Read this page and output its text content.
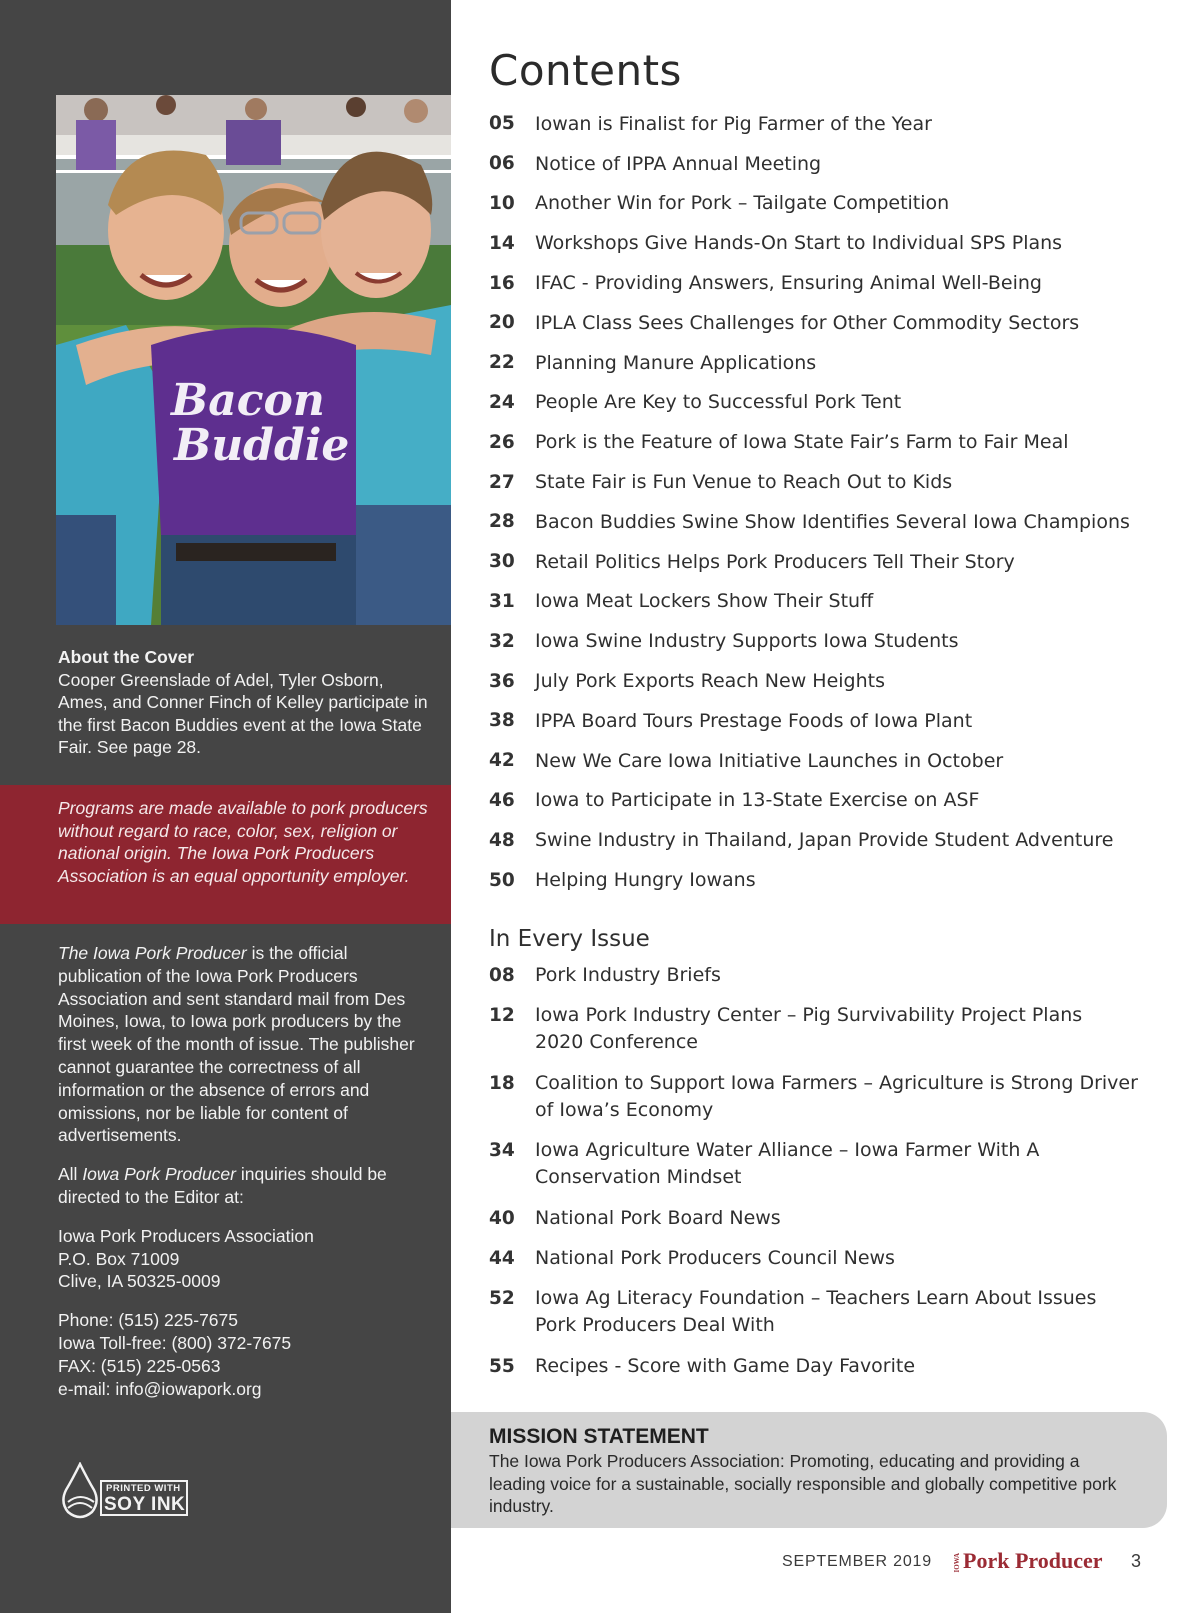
Bacon
Buddie
About the Cover
Cooper Greenslade of Adel, Tyler Osborn, Ames, and Conner Finch of Kelley participate in the first Bacon Buddies event at the Iowa State Fair. See page 28.

Programs are made available to pork producers without regard to race, color, sex, religion or national origin. The Iowa Pork Producers Association is an equal opportunity employer.

The Iowa Pork Producer is the official publication of the Iowa Pork Producers Association and sent standard mail from Des Moines, Iowa, to Iowa pork producers by the first week of the month of issue. The publisher cannot guarantee the correctness of all information or the absence of errors and omissions, nor be liable for content of advertisements.

All Iowa Pork Producer inquiries should be directed to the Editor at:

Iowa Pork Producers Association
P.O. Box 71009
Clive, IA 50325-0009

Phone: (515) 225-7675
Iowa Toll-free: (800) 372-7675
FAX: (515) 225-0563
e-mail: info@iowapork.org

PRINTED WITH
SOY INK
Contents
05	Iowan is Finalist for Pig Farmer of the Year
06	Notice of IPPA Annual Meeting
10	Another Win for Pork – Tailgate Competition
14	Workshops Give Hands-On Start to Individual SPS Plans
16	IFAC - Providing Answers, Ensuring Animal Well-Being
20	IPLA Class Sees Challenges for Other Commodity Sectors
22	Planning Manure Applications
24	People Are Key to Successful Pork Tent
26	Pork is the Feature of Iowa State Fair’s Farm to Fair Meal
27	State Fair is Fun Venue to Reach Out to Kids
28	Bacon Buddies Swine Show Identifies Several Iowa Champions
30	Retail Politics Helps Pork Producers Tell Their Story
31	Iowa Meat Lockers Show Their Stuff
32	Iowa Swine Industry Supports Iowa Students
36	July Pork Exports Reach New Heights
38	IPPA Board Tours Prestage Foods of Iowa Plant
42	New We Care Iowa Initiative Launches in October
46	Iowa to Participate in 13-State Exercise on ASF
48	Swine Industry in Thailand, Japan Provide Student Adventure
50	Helping Hungry Iowans
In Every Issue
08	Pork Industry Briefs
12	Iowa Pork Industry Center – Pig Survivability Project Plans
2020 Conference
18	Coalition to Support Iowa Farmers – Agriculture is Strong Driver
of Iowa’s Economy
34	Iowa Agriculture Water Alliance – Iowa Farmer With A
Conservation Mindset
40	National Pork Board News
44	National Pork Producers Council News
52	Iowa Ag Literacy Foundation – Teachers Learn About Issues
Pork Producers Deal With
55	Recipes - Score with Game Day Favorite
MISSION STATEMENT
The Iowa Pork Producers Association: Promoting, educating and providing a leading voice for a sustainable, socially responsible and globally competitive pork industry.
SEPTEMBER 2019	IOWAPork Producer 3
